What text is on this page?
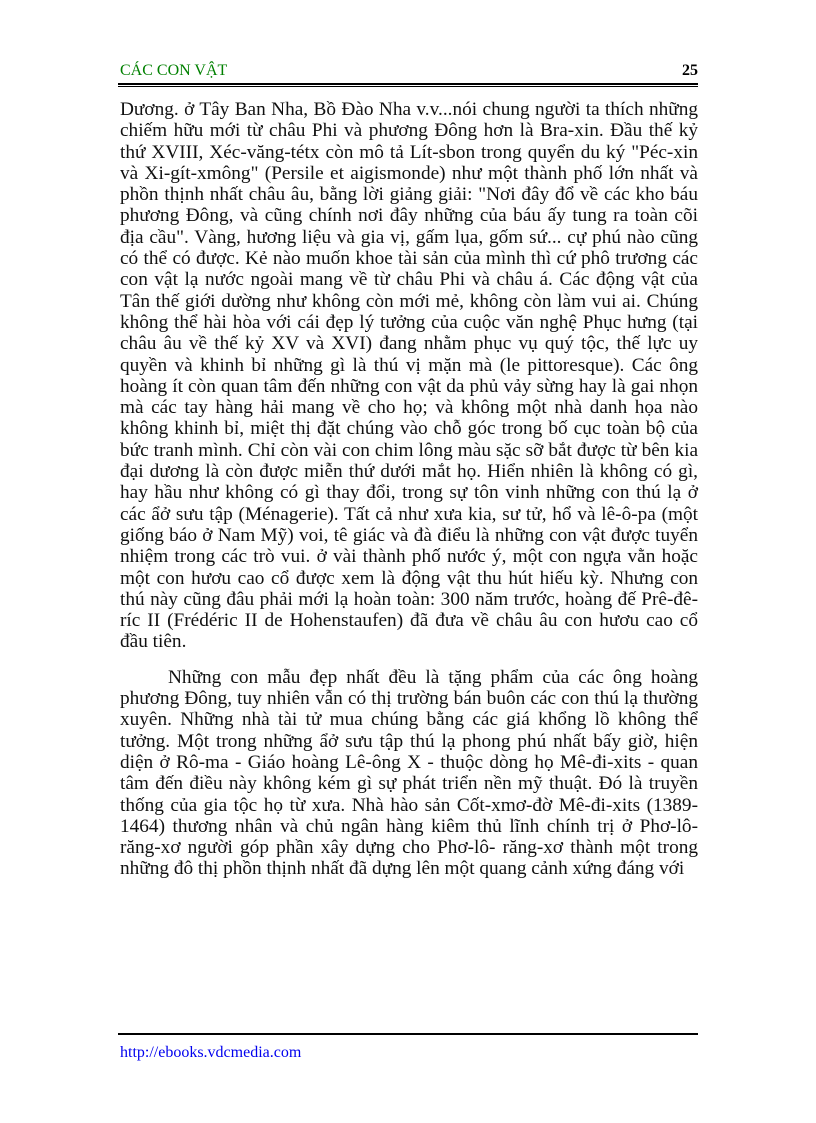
CÁC CON VẬT	25

Dương. ở Tây Ban Nha, Bồ Đào Nha v.v...nói chung người ta thích những chiếm hữu mới từ châu Phi và phương Đông hơn là Bra-xin. Đầu thế kỷ thứ XVIII, Xéc-văng-tétx còn mô tả Lít-sbon trong quyển du ký "Péc-xin và Xi-gít-xmông" (Persile et aigismonde) như một thành phố lớn nhất và phồn thịnh nhất châu âu, bằng lời giảng giải: "Nơi đây đổ về các kho báu phương Đông, và cũng chính nơi đây những của báu ấy tung ra toàn cõi địa cầu". Vàng, hương liệu và gia vị, gấm lụa, gốm sứ... cự phú nào cũng có thể có được. Kẻ nào muốn khoe tài sản của mình thì cứ phô trương các con vật lạ nước ngoài mang về từ châu Phi và châu á. Các động vật của Tân thế giới dường như không còn mới mẻ, không còn làm vui ai. Chúng không thể hài hòa với cái đẹp lý tưởng của cuộc văn nghệ Phục hưng (tại châu âu về thế kỷ XV và XVI) đang nhằm phục vụ quý tộc, thế lực uy quyền và khinh bỉ những gì là thú vị mặn mà (le pittoresque). Các ông hoàng ít còn quan tâm đến những con vật da phủ vảy sừng hay là gai nhọn mà các tay hàng hải mang về cho họ; và không một nhà danh họa nào không khinh bỉ, miệt thị đặt chúng vào chỗ góc trong bố cục toàn bộ của bức tranh mình. Chỉ còn vài con chim lông màu sặc sỡ bắt được từ bên kia đại dương là còn được miễn thứ dưới mắt họ. Hiển nhiên là không có gì, hay hầu như không có gì thay đổi, trong sự tôn vinh những con thú lạ ở các ẩở sưu tập (Ménagerie). Tất cả như xưa kia, sư tử, hổ và lê-ô-pa (một giống báo ở Nam Mỹ) voi, tê giác và đà điểu là những con vật được tuyển nhiệm trong các trò vui. ở vài thành phố nước ý, một con ngựa vằn hoặc một con hươu cao cổ được xem là động vật thu hút hiếu kỳ. Nhưng con thú này cũng đâu phải mới lạ hoàn toàn: 300 năm trước, hoàng đế Prê-đê-ríc II (Frédéric II de Hohenstaufen) đã đưa về châu âu con hươu cao cổ đầu tiên.

Những con mẫu đẹp nhất đều là tặng phẩm của các ông hoàng phương Đông, tuy nhiên vẫn có thị trường bán buôn các con thú lạ thường xuyên. Những nhà tài tử mua chúng bằng các giá khổng lồ không thể tưởng. Một trong những ẩở sưu tập thú lạ phong phú nhất bấy giờ, hiện diện ở Rô-ma - Giáo hoàng Lê-ông X - thuộc dòng họ Mê-đi-xits - quan tâm đến điều này không kém gì sự phát triển nền mỹ thuật. Đó là truyền thống của gia tộc họ từ xưa. Nhà hào sản Cốt-xmơ-đờ Mê-đi-xits (1389-1464) thương nhân và chủ ngân hàng kiêm thủ lĩnh chính trị ở Phơ-lô- răng-xơ người góp phần xây dựng cho Phơ-lô- răng-xơ thành một trong những đô thị phồn thịnh nhất đã dựng lên một quang cảnh xứng đáng với

http://ebooks.vdcmedia.com
